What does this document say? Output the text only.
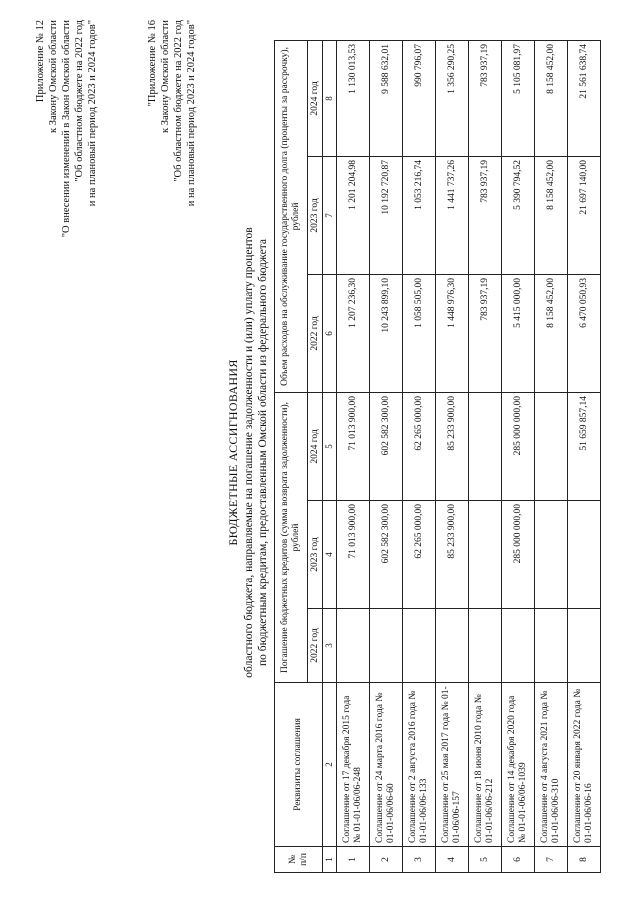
Приложение № 12 к Закону Омской области "О внесении изменений в Закон Омской области "Об областном бюджете на 2022 год и на плановый период 2023 и 2024 годов"	"Приложение № 16 к Закону Омской области "Об областном бюджете на 2022 год и на плановый период 2023 и 2024 годов"
БЮДЖЕТНЫЕ АССИГНОВАНИЯ областного бюджета, направляемые на погашение задолженности и (или) уплату процентов по бюджетным кредитам, предоставленным Омской области из федерального бюджета
№ п/п	Реквизиты соглашения	Погашение бюджетных кредитов (сумма возврата задолженности), рублей			Объем расходов на обслуживание государственного долга (проценты за рассрочку), рублей		
		2022 год	2023 год	2024 год	2022 год	2023 год	2024 год
1	2	3	4	5	6	7	8
1	Соглашение от 17 декабря 2015 года № 01-01-06/06-248		71 013 900,00	71 013 900,00	1 207 236,30	1 201 204,98	1 130 013,53
2	Соглашение от 24 марта 2016 года № 01-01-06/06-60		602 582 300,00	602 582 300,00	10 243 899,10	10 192 720,87	9 588 632,01
3	Соглашение от 2 августа 2016 года № 01-01-06/06-133		62 265 000,00	62 265 000,00	1 058 505,00	1 053 216,74	990 796,07
4	Соглашение от 25 мая 2017 года № 01-01-06/06-157		85 233 900,00	85 233 900,00	1 448 976,30	1 441 737,26	1 356 290,25
5	Соглашение от 18 июня 2010 года № 01-01-06/06-212				783 937,19	783 937,19	783 937,19
6	Соглашение от 14 декабря 2020 года № 01-01-06/06-1039		285 000 000,00	285 000 000,00	5 415 000,00	5 390 794,52	5 105 081,97
7	Соглашение от 4 августа 2021 года № 01-01-06/06-310				8 158 452,00	8 158 452,00	8 158 452,00
8	Соглашение от 20 января 2022 года № 01-01-06/06-16			51 659 857,14	6 470 050,93	21 697 140,00	21 561 638,74
